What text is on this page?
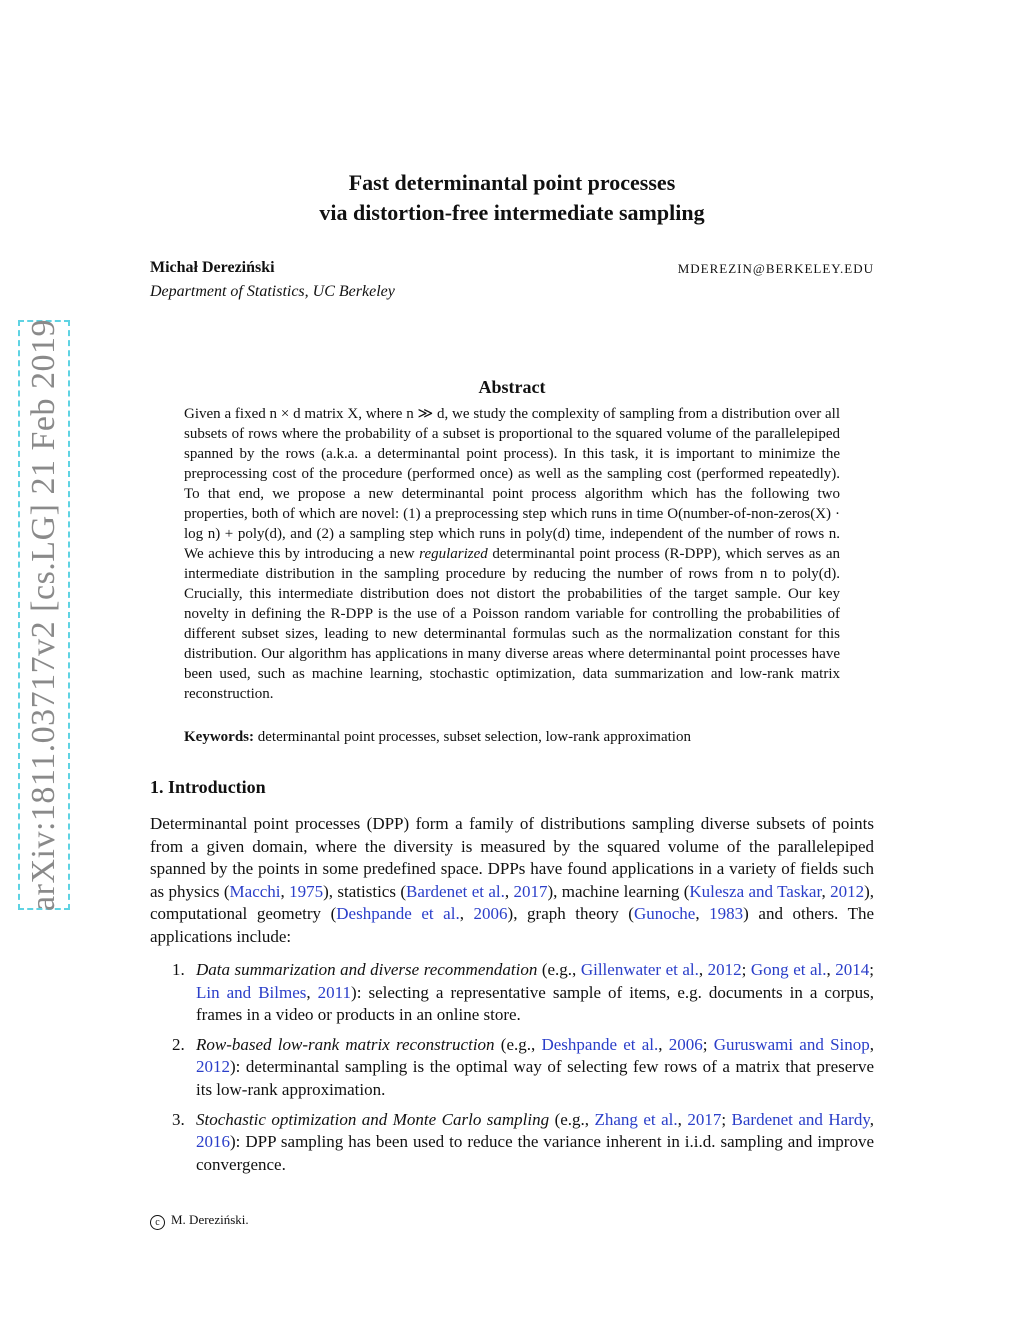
arXiv:1811.03717v2 [cs.LG] 21 Feb 2019
Fast determinantal point processes
via distortion-free intermediate sampling
Michał Dereziński	MDEREZIN@BERKELEY.EDU
Department of Statistics, UC Berkeley
Abstract

Given a fixed n × d matrix X, where n ≫ d, we study the complexity of sampling from a distribution over all subsets of rows where the probability of a subset is proportional to the squared volume of the parallelepiped spanned by the rows (a.k.a. a determinantal point process). In this task, it is important to minimize the preprocessing cost of the procedure (performed once) as well as the sampling cost (performed repeatedly). To that end, we propose a new determinantal point process algorithm which has the following two properties, both of which are novel: (1) a preprocessing step which runs in time O(number-of-non-zeros(X) · log n) + poly(d), and (2) a sampling step which runs in poly(d) time, independent of the number of rows n. We achieve this by introducing a new regularized determinantal point process (R-DPP), which serves as an intermediate distribution in the sampling procedure by reducing the number of rows from n to poly(d). Crucially, this intermediate distribution does not distort the probabilities of the target sample. Our key novelty in defining the R-DPP is the use of a Poisson random variable for controlling the probabilities of different subset sizes, leading to new determinantal formulas such as the normalization constant for this distribution. Our algorithm has applications in many diverse areas where determinantal point processes have been used, such as machine learning, stochastic optimization, data summarization and low-rank matrix reconstruction.

Keywords: determinantal point processes, subset selection, low-rank approximation
1. Introduction

Determinantal point processes (DPP) form a family of distributions sampling diverse subsets of points from a given domain, where the diversity is measured by the squared volume of the parallelepiped spanned by the points in some predefined space. DPPs have found applications in a variety of fields such as physics (Macchi, 1975), statistics (Bardenet et al., 2017), machine learning (Kulesza and Taskar, 2012), computational geometry (Deshpande et al., 2006), graph theory (Gunoche, 1983) and others. The applications include:

1. Data summarization and diverse recommendation (e.g., Gillenwater et al., 2012; Gong et al., 2014; Lin and Bilmes, 2011): selecting a representative sample of items, e.g. documents in a corpus, frames in a video or products in an online store.
2. Row-based low-rank matrix reconstruction (e.g., Deshpande et al., 2006; Guruswami and Sinop, 2012): determinantal sampling is the optimal way of selecting few rows of a matrix that preserve its low-rank approximation.
3. Stochastic optimization and Monte Carlo sampling (e.g., Zhang et al., 2017; Bardenet and Hardy, 2016): DPP sampling has been used to reduce the variance inherent in i.i.d. sampling and improve convergence.
c M. Dereziński.
